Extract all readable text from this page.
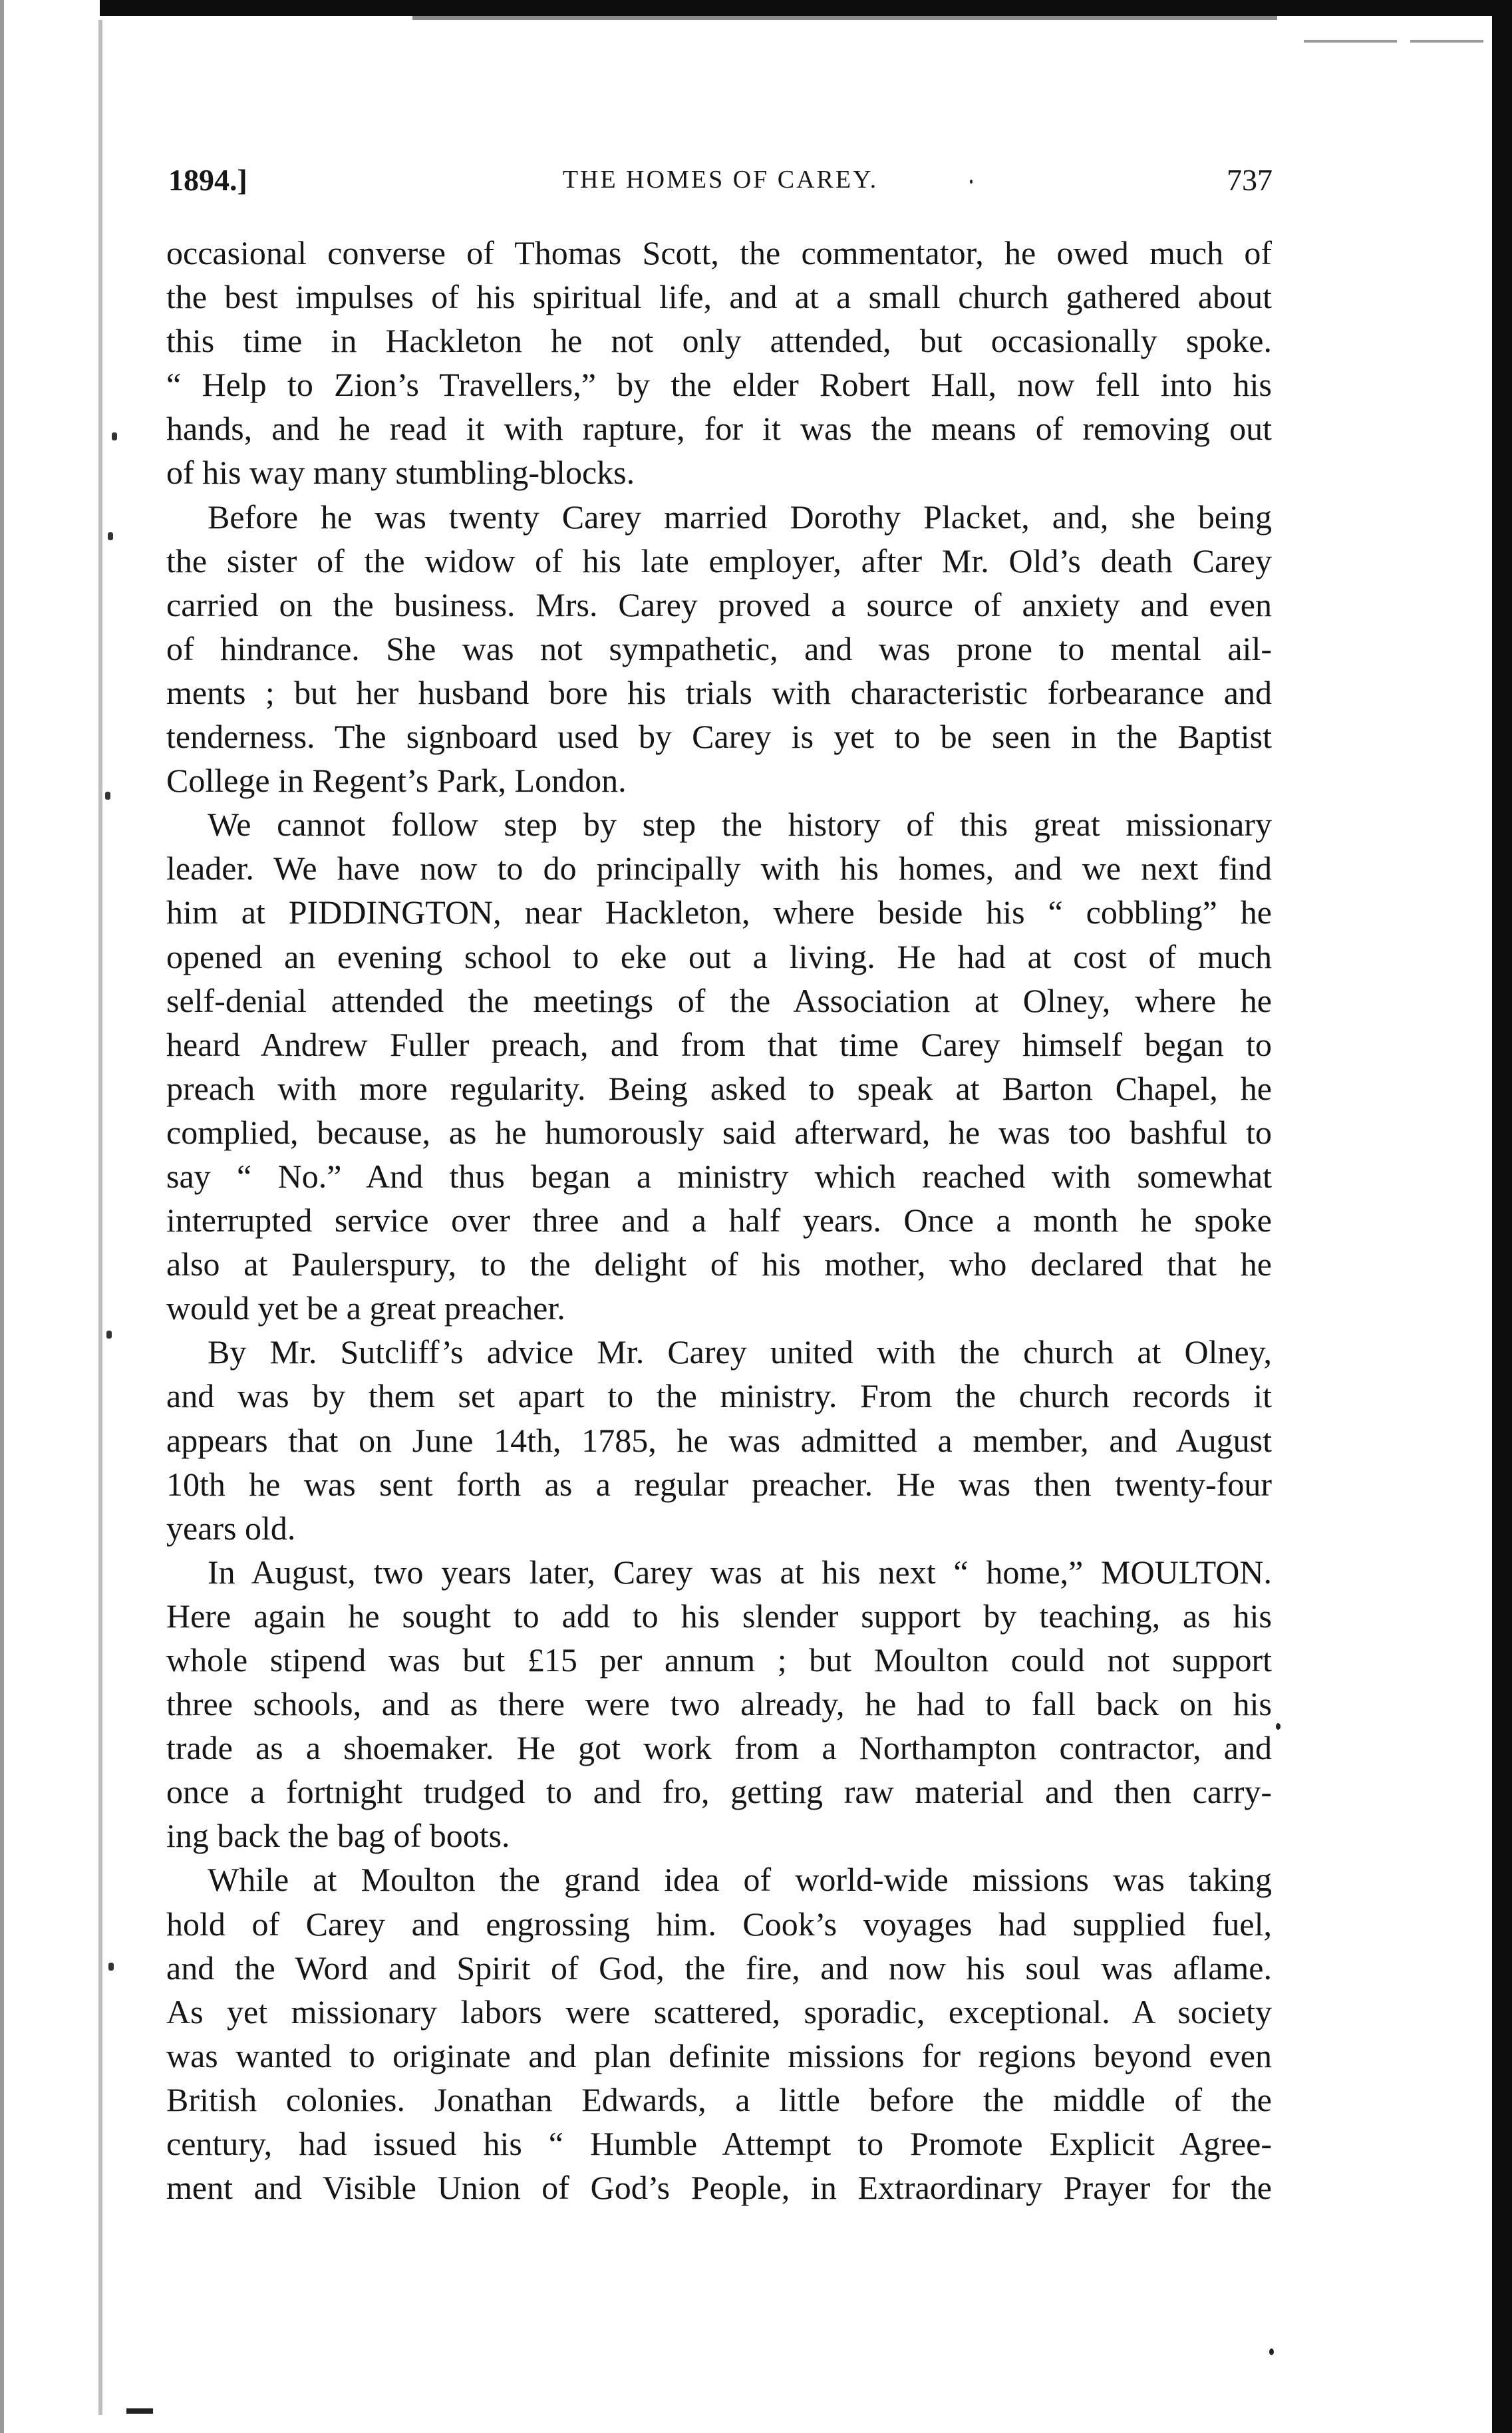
1894.]	THE HOMES OF CAREY.	737
occasional converse of Thomas Scott, the commentator, he owed much of
the best impulses of his spiritual life, and at a small church gathered about
this time in Hackleton he not only attended, but occasionally spoke.
“ Help to Zion’s Travellers,” by the elder Robert Hall, now fell into his
hands, and he read it with rapture, for it was the means of removing out
of his way many stumbling-blocks.
Before he was twenty Carey married Dorothy Placket, and, she being
the sister of the widow of his late employer, after Mr. Old’s death Carey
carried on the business. Mrs. Carey proved a source of anxiety and even
of hindrance. She was not sympathetic, and was prone to mental ail-
ments ; but her husband bore his trials with characteristic forbearance and
tenderness. The signboard used by Carey is yet to be seen in the Baptist
College in Regent’s Park, London.
We cannot follow step by step the history of this great missionary
leader. We have now to do principally with his homes, and we next find
him at PIDDINGTON, near Hackleton, where beside his “ cobbling” he
opened an evening school to eke out a living. He had at cost of much
self-denial attended the meetings of the Association at Olney, where he
heard Andrew Fuller preach, and from that time Carey himself began to
preach with more regularity. Being asked to speak at Barton Chapel, he
complied, because, as he humorously said afterward, he was too bashful to
say “ No.” And thus began a ministry which reached with somewhat
interrupted service over three and a half years. Once a month he spoke
also at Paulerspury, to the delight of his mother, who declared that he
would yet be a great preacher.
By Mr. Sutcliff’s advice Mr. Carey united with the church at Olney,
and was by them set apart to the ministry. From the church records it
appears that on June 14th, 1785, he was admitted a member, and August
10th he was sent forth as a regular preacher. He was then twenty-four
years old.
In August, two years later, Carey was at his next “ home,” MOULTON.
Here again he sought to add to his slender support by teaching, as his
whole stipend was but £15 per annum ; but Moulton could not support
three schools, and as there were two already, he had to fall back on his
trade as a shoemaker. He got work from a Northampton contractor, and
once a fortnight trudged to and fro, getting raw material and then carry-
ing back the bag of boots.
While at Moulton the grand idea of world-wide missions was taking
hold of Carey and engrossing him. Cook’s voyages had supplied fuel,
and the Word and Spirit of God, the fire, and now his soul was aflame.
As yet missionary labors were scattered, sporadic, exceptional. A society
was wanted to originate and plan definite missions for regions beyond even
British colonies. Jonathan Edwards, a little before the middle of the
century, had issued his “ Humble Attempt to Promote Explicit Agree-
ment and Visible Union of God’s People, in Extraordinary Prayer for the
